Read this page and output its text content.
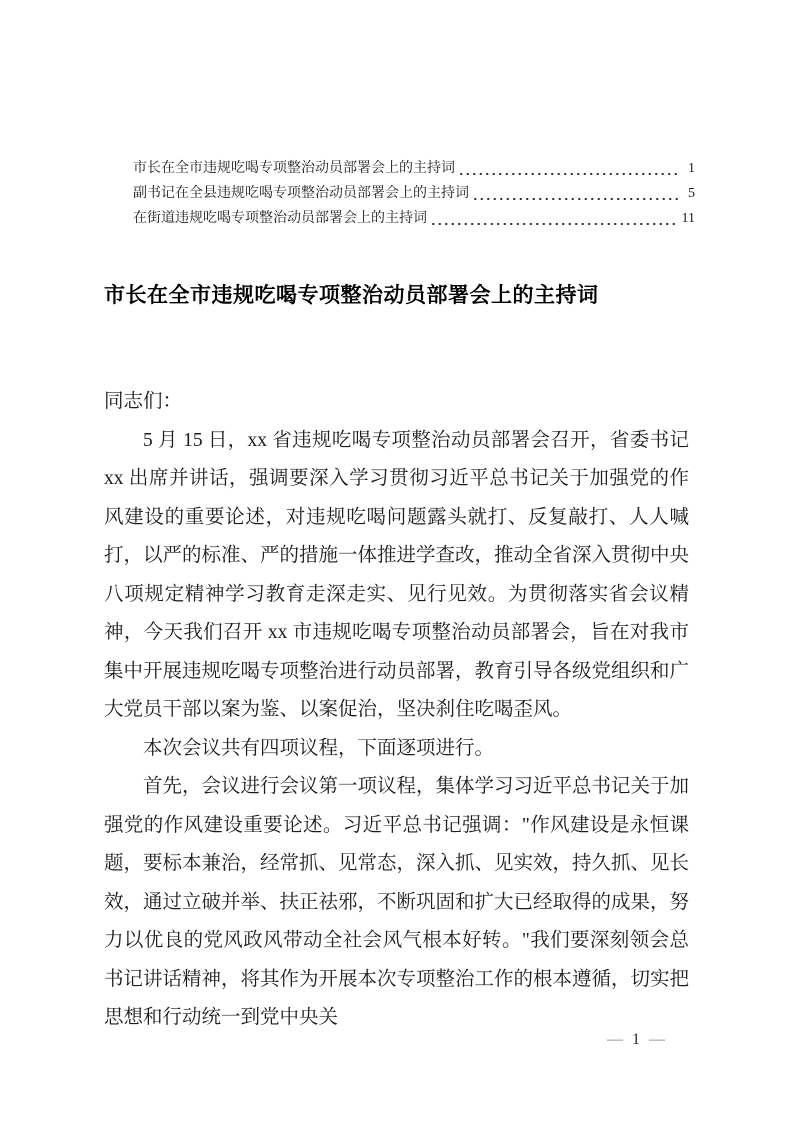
市长在全市违规吃喝专项整治动员部署会上的主持词	1
副书记在全县违规吃喝专项整治动员部署会上的主持词	5
在街道违规吃喝专项整治动员部署会上的主持词	11
市长在全市违规吃喝专项整治动员部署会上的主持词

同志们：

5 月 15 日，xx 省违规吃喝专项整治动员部署会召开，省委书记 xx 出席并讲话，强调要深入学习贯彻习近平总书记关于加强党的作风建设的重要论述，对违规吃喝问题露头就打、反复敲打、人人喊打，以严的标准、严的措施一体推进学查改，推动全省深入贯彻中央八项规定精神学习教育走深走实、见行见效。为贯彻落实省会议精神，今天我们召开 xx 市违规吃喝专项整治动员部署会，旨在对我市集中开展违规吃喝专项整治进行动员部署，教育引导各级党组织和广大党员干部以案为鉴、以案促治，坚决刹住吃喝歪风。

本次会议共有四项议程，下面逐项进行。

首先，会议进行会议第一项议程，集体学习习近平总书记关于加强党的作风建设重要论述。习近平总书记强调："作风建设是永恒课题，要标本兼治，经常抓、见常态，深入抓、见实效，持久抓、见长效，通过立破并举、扶正祛邪，不断巩固和扩大已经取得的成果，努力以优良的党风政风带动全社会风气根本好转。"我们要深刻领会总书记讲话精神，将其作为开展本次专项整治工作的根本遵循，切实把思想和行动统一到党中央关

— 1 —
